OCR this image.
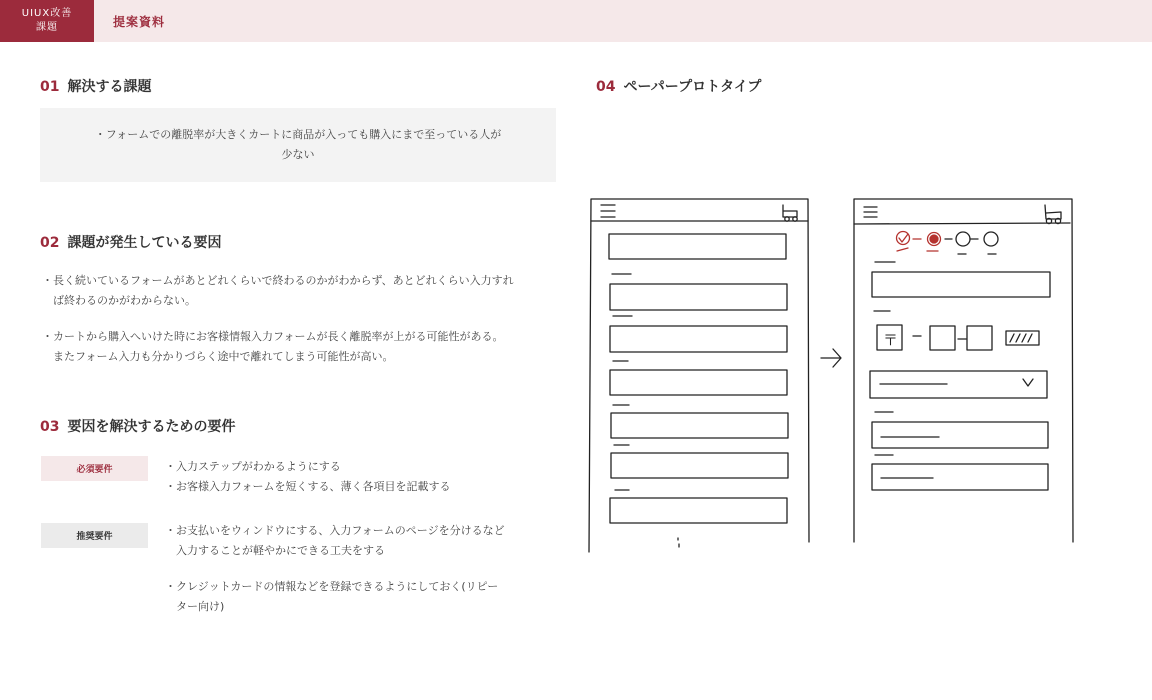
UIUX改善
課題	提案資料
01 解決する課題
・フォームでの離脱率が大きくカートに商品が入っても購入にまで至っている人が
少ない
02 課題が発生している要因
・長く続いているフォームがあとどれくらいで終わるのかがわからず、あとどれくらい入力すれ
ば終わるのかがわからない。
・カートから購入へいけた時にお客様情報入力フォームが長く離脱率が上がる可能性がある。
またフォーム入力も分かりづらく途中で離れてしまう可能性が高い。
03 要因を解決するための要件
必須要件	・入力ステップがわかるようにする
・お客様入力フォームを短くする、薄く各項目を記載する
推奨要件	・お支払いをウィンドウにする、入力フォームのページを分けるなど
入力することが軽やかにできる工夫をする
・クレジットカードの情報などを登録できるようにしておく(リピー
ター向け)
04 ペーパープロトタイプ
〒
